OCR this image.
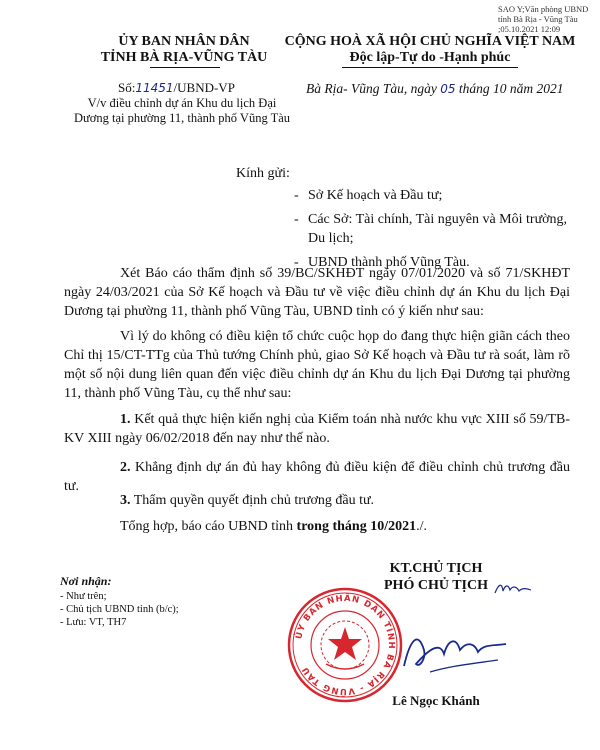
SAO Y;Văn phòng UBND tỉnh Bà Rịa - Vũng Tàu
;05.10.2021 12:09
ỦY BAN NHÂN DÂN
TỈNH BÀ RỊA-VŨNG TÀU
CỘNG HOÀ XÃ HỘI CHỦ NGHĨA VIỆT NAM
Độc lập-Tự do -Hạnh phúc
Số:11451/UBND-VP
V/v điều chỉnh dự án Khu du lịch Đại Dương tại phường 11, thành phố Vũng Tàu
Bà Rịa- Vũng Tàu, ngày 05 tháng 10 năm 2021
Kính gửi:
- Sở Kế hoạch và Đầu tư;
- Các Sở: Tài chính, Tài nguyên và Môi trường, Du lịch;
- UBND thành phố Vũng Tàu.
Xét Báo cáo thẩm định số 39/BC/SKHĐT ngày 07/01/2020 và số 71/SKHĐT ngày 24/03/2021 của Sở Kế hoạch và Đầu tư về việc điều chỉnh dự án Khu du lịch Đại Dương tại phường 11, thành phố Vũng Tàu, UBND tỉnh có ý kiến như sau:
Vì lý do không có điều kiện tổ chức cuộc họp do đang thực hiện giãn cách theo Chỉ thị 15/CT-TTg của Thủ tướng Chính phủ, giao Sở Kế hoạch và Đầu tư rà soát, làm rõ một số nội dung liên quan đến việc điều chỉnh dự án Khu du lịch Đại Dương tại phường 11, thành phố Vũng Tàu, cụ thể như sau:
1. Kết quả thực hiện kiến nghị của Kiểm toán nhà nước khu vực XIII số 59/TB- KV XIII ngày 06/02/2018 đến nay như thế nào.
2. Khẳng định dự án đủ hay không đủ điều kiện để điều chỉnh chủ trương đầu tư.
3. Thẩm quyền quyết định chủ trương đầu tư.
Tổng hợp, báo cáo UBND tỉnh trong tháng 10/2021./.
Nơi nhận:
- Như trên;
- Chủ tịch UBND tỉnh (b/c);
- Lưu: VT, TH7
KT.CHỦ TỊCH
PHÓ CHỦ TỊCH
ỦY BAN NHÂN DÂN TỈNH BÀ RỊA - VŨNG TÀU
Lê Ngọc Khánh
